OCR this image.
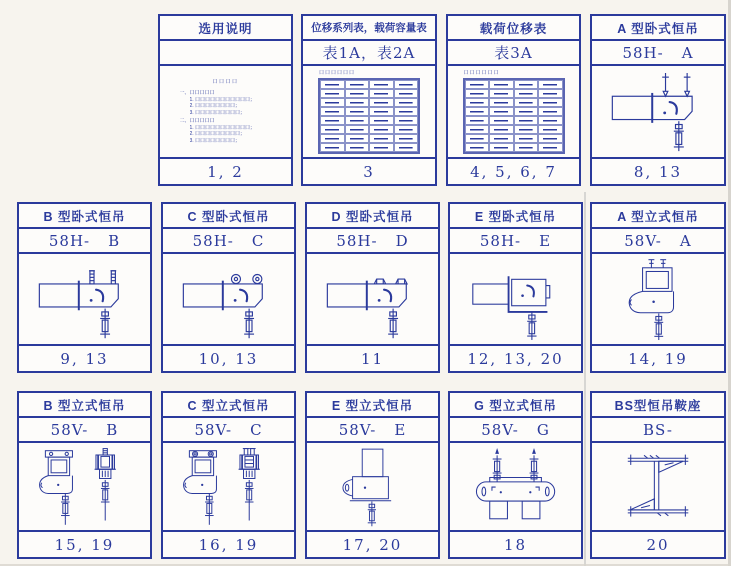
选用说明
口口口口
一、口口口口口
1. 口口口口口口口口口口口；
2. 口口口口口口口口；
3. 口口口口口口口口口；
二、口口口口口
1. 口口口口口口口口口口口；
2. 口口口口口口口口口；
3. 口口口口口口口口；
1, 2
位移系列表，载荷容量表
表1A，表2A
口口口口口口
3
载荷位移表
表3A
口口口口口口
4, 5, 6, 7
A 型卧式恒吊
58H- A
8, 13
B 型卧式恒吊
58H- B
9, 13
C 型卧式恒吊
58H- C
10, 13
D 型卧式恒吊
58H- D
11
E 型卧式恒吊
58H- E
12, 13, 20
A 型立式恒吊
58V- A
14, 19
B 型立式恒吊
58V- B
15, 19
C 型立式恒吊
58V- C
16, 19
E 型立式恒吊
58V- E
17, 20
G 型立式恒吊
58V- G
18
BS型恒吊鞍座
BS-
20
